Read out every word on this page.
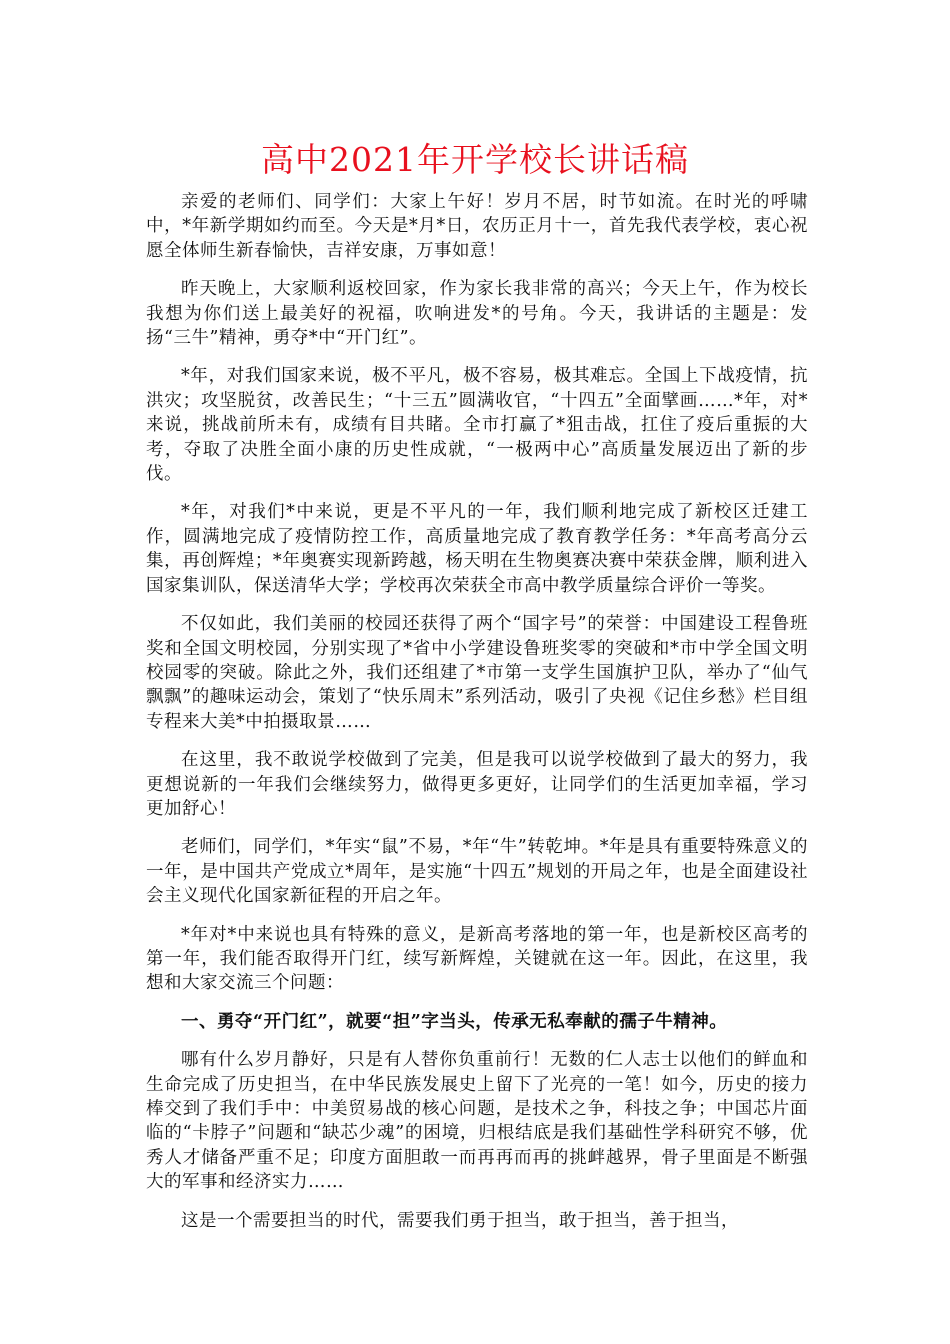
高中2021年开学校长讲话稿

亲爱的老师们、同学们：大家上午好！岁月不居，时节如流。在时光的呼啸中，*年新学期如约而至。今天是*月*日，农历正月十一，首先我代表学校，衷心祝愿全体师生新春愉快，吉祥安康，万事如意！

昨天晚上，大家顺利返校回家，作为家长我非常的高兴；今天上午，作为校长我想为你们送上最美好的祝福，吹响进发*的号角。今天，我讲话的主题是：发扬“三牛”精神，勇夺*中“开门红”。

*年，对我们国家来说，极不平凡，极不容易，极其难忘。全国上下战疫情，抗洪灾；攻坚脱贫，改善民生；“十三五”圆满收官，“十四五”全面擘画……*年，对*来说，挑战前所未有，成绩有目共睹。全市打赢了*狙击战，扛住了疫后重振的大考，夺取了决胜全面小康的历史性成就，“一极两中心”高质量发展迈出了新的步伐。

*年，对我们*中来说，更是不平凡的一年，我们顺利地完成了新校区迁建工作，圆满地完成了疫情防控工作，高质量地完成了教育教学任务：*年高考高分云集，再创辉煌；*年奥赛实现新跨越，杨天明在生物奥赛决赛中荣获金牌，顺利进入国家集训队，保送清华大学；学校再次荣获全市高中教学质量综合评价一等奖。

不仅如此，我们美丽的校园还获得了两个“国字号”的荣誉：中国建设工程鲁班奖和全国文明校园，分别实现了*省中小学建设鲁班奖零的突破和*市中学全国文明校园零的突破。除此之外，我们还组建了*市第一支学生国旗护卫队，举办了“仙气飘飘”的趣味运动会，策划了“快乐周末”系列活动，吸引了央视《记住乡愁》栏目组专程来大美*中拍摄取景……

在这里，我不敢说学校做到了完美，但是我可以说学校做到了最大的努力，我更想说新的一年我们会继续努力，做得更多更好，让同学们的生活更加幸福，学习更加舒心！

老师们，同学们，*年实“鼠”不易，*年“牛”转乾坤。*年是具有重要特殊意义的一年，是中国共产党成立*周年，是实施“十四五”规划的开局之年，也是全面建设社会主义现代化国家新征程的开启之年。

*年对*中来说也具有特殊的意义，是新高考落地的第一年，也是新校区高考的第一年，我们能否取得开门红，续写新辉煌，关键就在这一年。因此，在这里，我想和大家交流三个问题：

一、勇夺“开门红”，就要“担”字当头，传承无私奉献的孺子牛精神。

哪有什么岁月静好，只是有人替你负重前行！无数的仁人志士以他们的鲜血和生命完成了历史担当，在中华民族发展史上留下了光亮的一笔！如今，历史的接力棒交到了我们手中：中美贸易战的核心问题，是技术之争，科技之争；中国芯片面临的“卡脖子”问题和“缺芯少魂”的困境，归根结底是我们基础性学科研究不够，优秀人才储备严重不足；印度方面胆敢一而再再而再的挑衅越界，骨子里面是不断强大的军事和经济实力……

这是一个需要担当的时代，需要我们勇于担当，敢于担当，善于担当，
